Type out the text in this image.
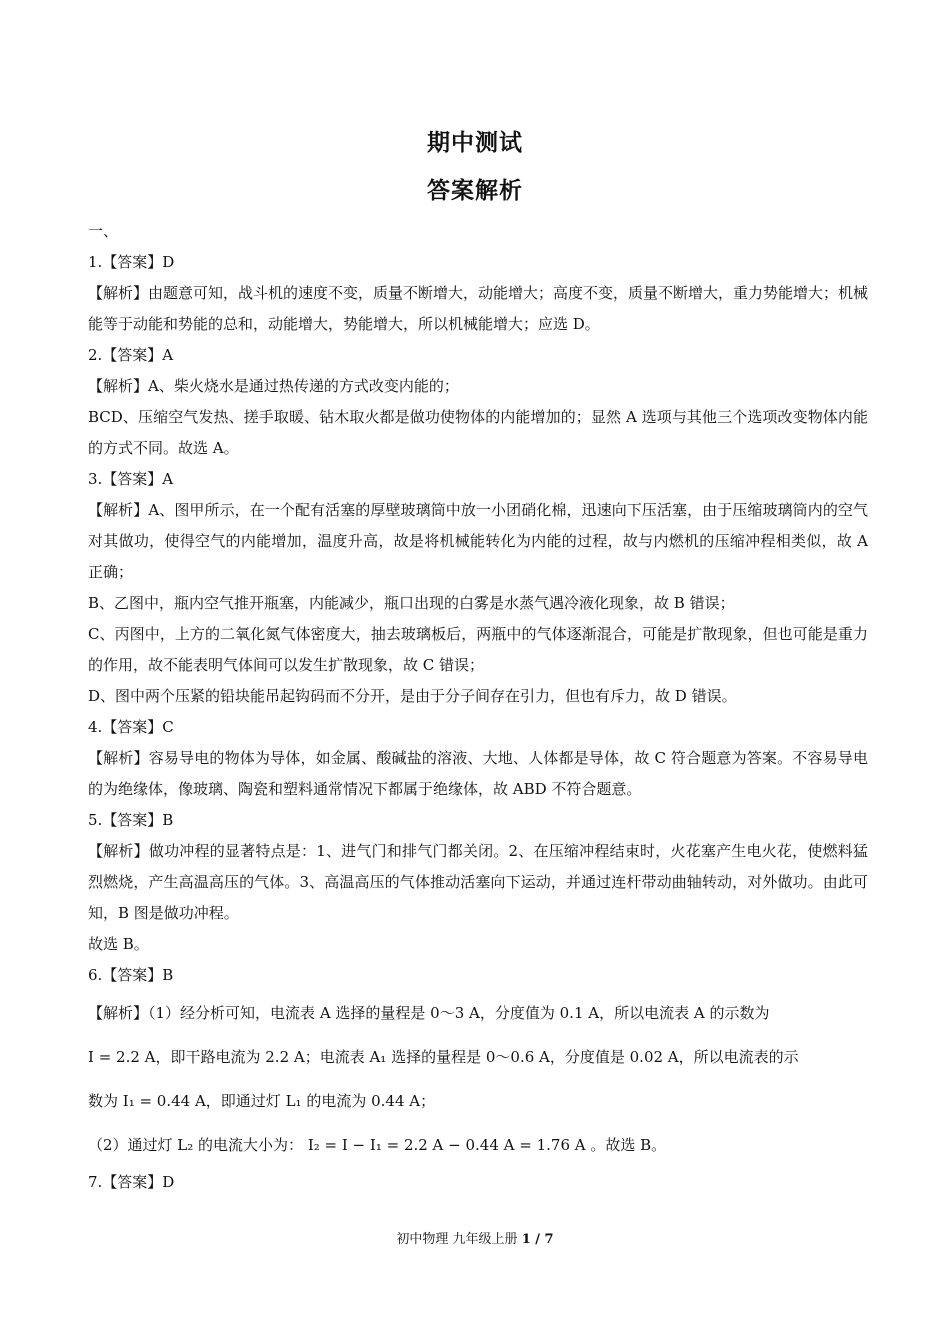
期中测试
答案解析

一、

1.【答案】D

【解析】由题意可知，战斗机的速度不变，质量不断增大，动能增大；高度不变，质量不断增大，重力势能增大；机械能等于动能和势能的总和，动能增大，势能增大，所以机械能增大；应选 D。

2.【答案】A

【解析】A、柴火烧水是通过热传递的方式改变内能的；

BCD、压缩空气发热、搓手取暖、钻木取火都是做功使物体的内能增加的；显然 A 选项与其他三个选项改变物体内能的方式不同。故选 A。

3.【答案】A

【解析】A、图甲所示，在一个配有活塞的厚壁玻璃筒中放一小团硝化棉，迅速向下压活塞，由于压缩玻璃筒内的空气对其做功，使得空气的内能增加，温度升高，故是将机械能转化为内能的过程，故与内燃机的压缩冲程相类似，故 A 正确；

B、乙图中，瓶内空气推开瓶塞，内能减少，瓶口出现的白雾是水蒸气遇冷液化现象，故 B 错误；

C、丙图中，上方的二氧化氮气体密度大，抽去玻璃板后，两瓶中的气体逐渐混合，可能是扩散现象，但也可能是重力的作用，故不能表明气体间可以发生扩散现象，故 C 错误；

D、图中两个压紧的铅块能吊起钩码而不分开，是由于分子间存在引力，但也有斥力，故 D 错误。

4.【答案】C

【解析】容易导电的物体为导体，如金属、酸碱盐的溶液、大地、人体都是导体，故 C 符合题意为答案。不容易导电的为绝缘体，像玻璃、陶瓷和塑料通常情况下都属于绝缘体，故 ABD 不符合题意。

5.【答案】B

【解析】做功冲程的显著特点是：1、进气门和排气门都关闭。2、在压缩冲程结束时，火花塞产生电火花，使燃料猛烈燃烧，产生高温高压的气体。3、高温高压的气体推动活塞向下运动，并通过连杆带动曲轴转动，对外做功。由此可知，B 图是做功冲程。

故选 B。

6.【答案】B

【解析】（1）经分析可知，电流表 A 选择的量程是 0～3 A，分度值为 0.1 A，所以电流表 A 的示数为

I = 2.2 A，即干路电流为 2.2 A；电流表 A₁ 选择的量程是 0～0.6 A，分度值是 0.02 A，所以电流表的示

数为 I₁ = 0.44 A，即通过灯 L₁ 的电流为 0.44 A；

（2）通过灯 L₂ 的电流大小为： I₂ = I − I₁ = 2.2 A − 0.44 A = 1.76 A 。故选 B。

7.【答案】D

初中物理 九年级上册 1 / 7
